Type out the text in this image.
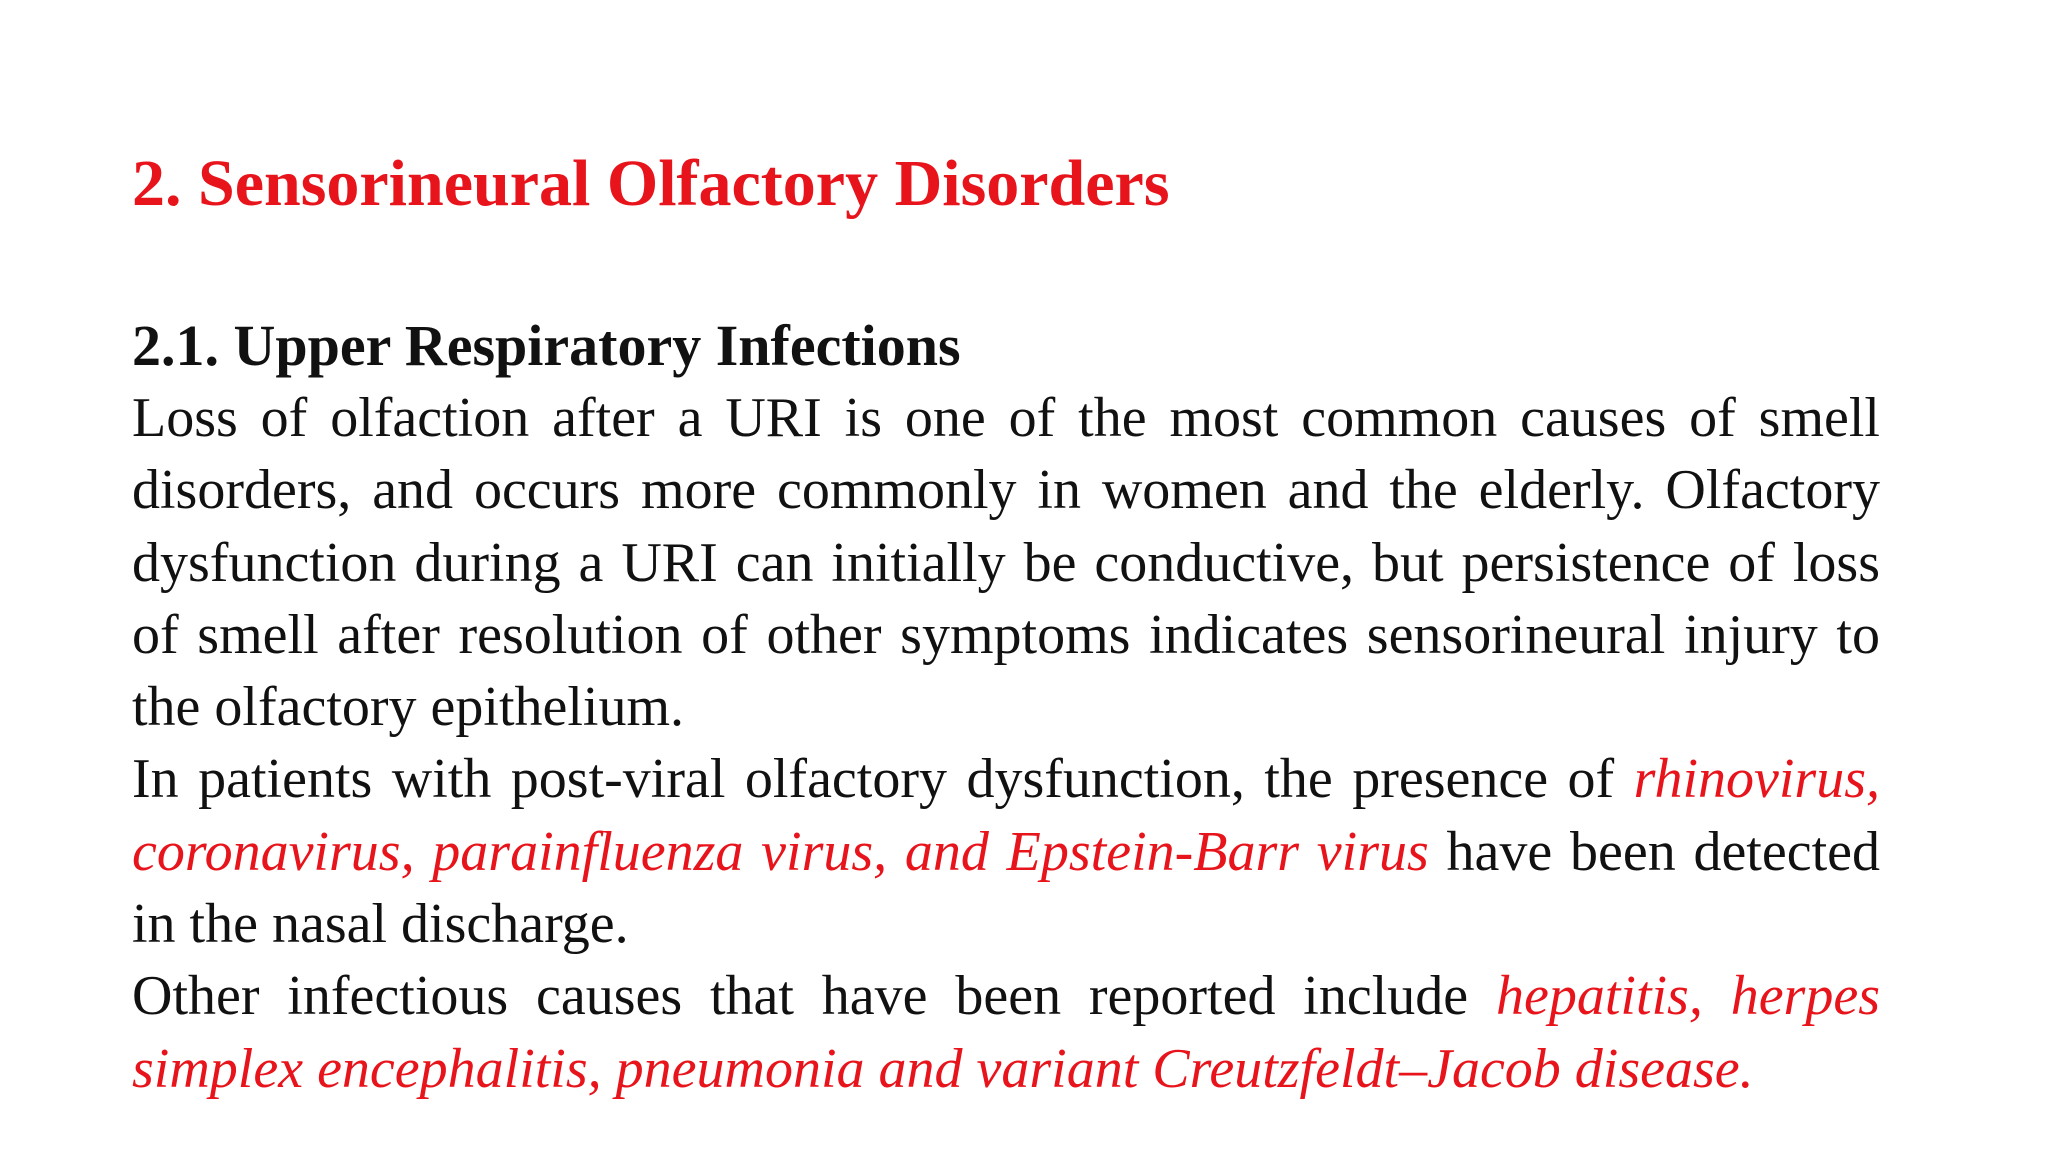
2. Sensorineural Olfactory Disorders
2.1. Upper Respiratory Infections

Loss of olfaction after a URI is one of the most common causes of smell disorders, and occurs more commonly in women and the elderly. Olfactory dysfunction during a URI can initially be conductive, but persistence of loss of smell after resolution of other symptoms indicates sensorineural injury to the olfactory epithelium.

In patients with post-viral olfactory dysfunction, the presence of rhinovirus, coronavirus, parainfluenza virus, and Epstein-Barr virus have been detected in the nasal discharge.

Other infectious causes that have been reported include hepatitis, herpes simplex encephalitis, pneumonia and variant Creutzfeldt–Jacob disease.
